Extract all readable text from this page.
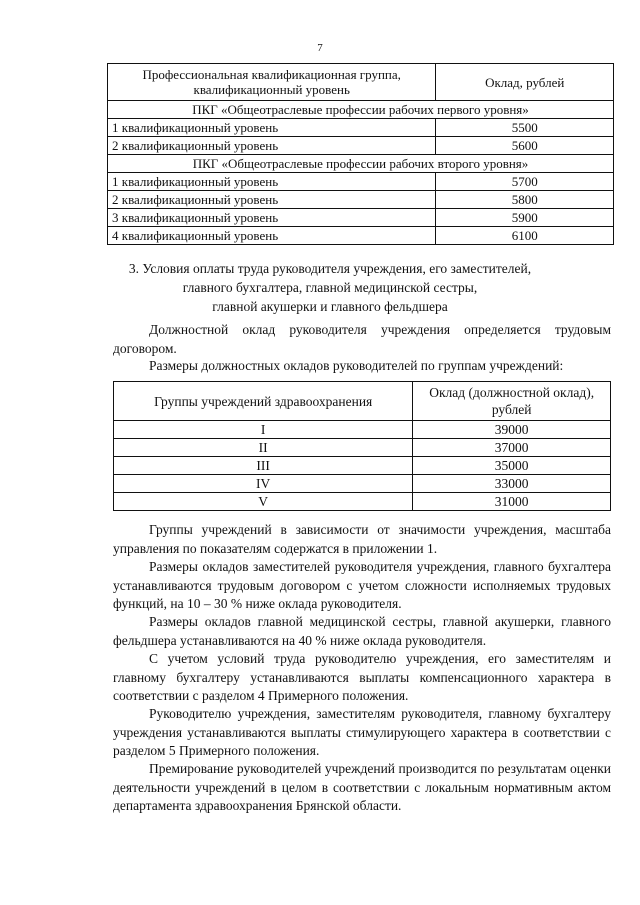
7
Профессиональная квалификационная группа, квалификационный уровень	Оклад, рублей
ПКГ «Общеотраслевые профессии рабочих первого уровня»	
1 квалификационный уровень	5500
2 квалификационный уровень	5600
ПКГ «Общеотраслевые профессии рабочих второго уровня»	
1 квалификационный уровень	5700
2 квалификационный уровень	5800
3 квалификационный уровень	5900
4 квалификационный уровень	6100
3. Условия оплаты труда руководителя учреждения, его заместителей,
главного бухгалтера, главной медицинской сестры,
главной акушерки и главного фельдшера

Должностной оклад руководителя учреждения определяется трудовым договором.

Размеры должностных окладов руководителей по группам учреждений:

Группы учреждений здравоохранения	Оклад (должностной оклад), рублей
I	39000
II	37000
III	35000
IV	33000
V	31000

Группы учреждений в зависимости от значимости учреждения, масштаба управления по показателям содержатся в приложении 1.

Размеры окладов заместителей руководителя учреждения, главного бухгалтера устанавливаются трудовым договором с учетом сложности исполняемых трудовых функций, на 10 – 30 % ниже оклада руководителя.

Размеры окладов главной медицинской сестры, главной акушерки, главного фельдшера устанавливаются на 40 % ниже оклада руководителя.

С учетом условий труда руководителю учреждения, его заместителям и главному бухгалтеру устанавливаются выплаты компенсационного характера в соответствии с разделом 4 Примерного положения.

Руководителю учреждения, заместителям руководителя, главному бухгалтеру учреждения устанавливаются выплаты стимулирующего характера в соответствии с разделом 5 Примерного положения.

Премирование руководителей учреждений производится по результатам оценки деятельности учреждений в целом в соответствии с локальным нормативным актом департамента здравоохранения Брянской области.
